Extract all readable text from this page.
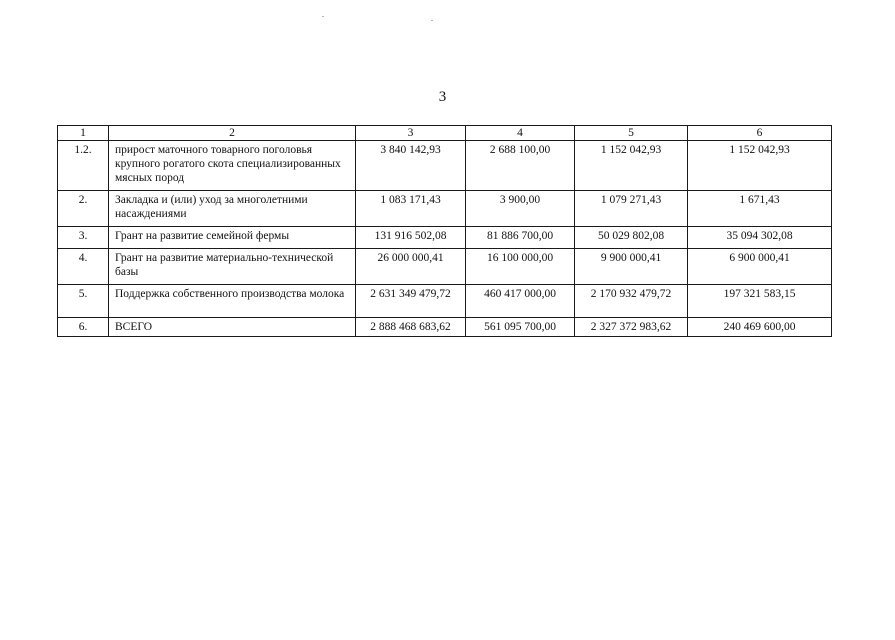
3
1	2	3	4	5	6
1.2.	прирост маточного товарного поголовья крупного рогатого скота специализированных мясных пород	3 840 142,93	2 688 100,00	1 152 042,93	1 152 042,93
2.	Закладка и (или) уход за многолетними насаждениями	1 083 171,43	3 900,00	1 079 271,43	1 671,43
3.	Грант на развитие семейной фермы	131 916 502,08	81 886 700,00	50 029 802,08	35 094 302,08
4.	Грант на развитие материально-технической базы	26 000 000,41	16 100 000,00	9 900 000,41	6 900 000,41
5.	Поддержка собственного производства молока	2 631 349 479,72	460 417 000,00	2 170 932 479,72	197 321 583,15
6.	ВСЕГО	2 888 468 683,62	561 095 700,00	2 327 372 983,62	240 469 600,00
